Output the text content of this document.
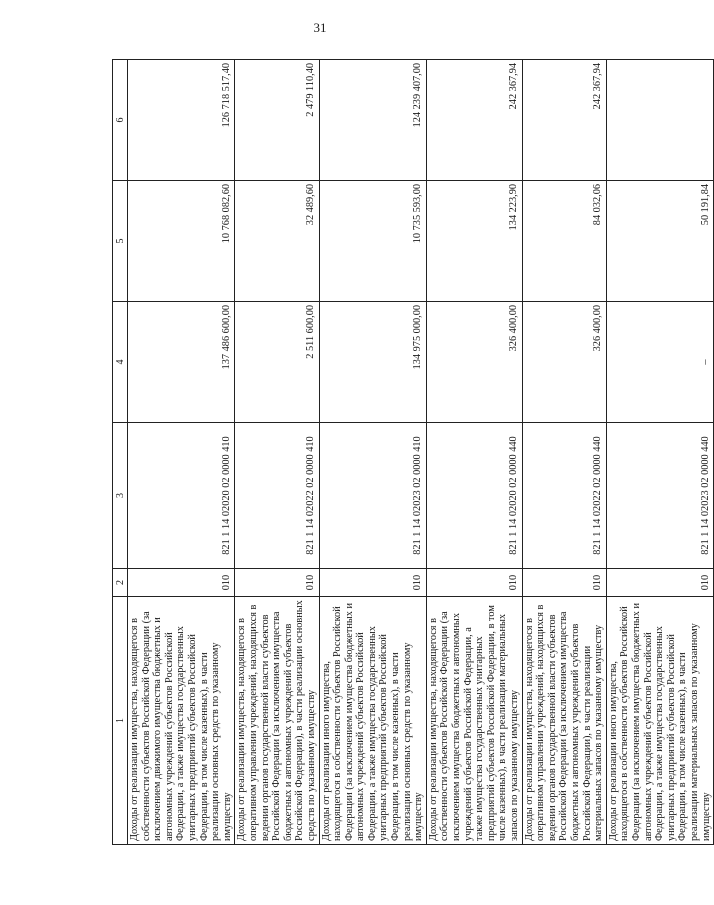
31
1	2	3	4	5	6
Доходы от реализации имущества, находящегося в собственности субъектов Российской Федерации (за исключением движимого имущества бюджетных и автономных учреждений субъектов Российской Федерации, а также имущества государственных унитарных предприятий субъектов Российской Федерации, в том числе казенных), в части реализации основных средств по указанному имуществу	010	821 1 14 02020 02 0000 410	137 486 600,00	10 768 082,60	126 718 517,40
Доходы от реализации имущества, находящегося в оперативном управлении учреждений, находящихся в ведении органов государственной власти субъектов Российской Федерации (за исключением имущества бюджетных и автономных учреждений субъектов Российской Федерации), в части реализации основных средств по указанному имуществу	010	821 1 14 02022 02 0000 410	2 511 600,00	32 489,60	2 479 110,40
Доходы от реализации иного имущества, находящегося в собственности субъектов Российской Федерации (за исключением имущества бюджетных и автономных учреждений субъектов Российской Федерации, а также имущества государственных унитарных предприятий субъектов Российской Федерации, в том числе казенных), в части реализации основных средств по указанному имуществу	010	821 1 14 02023 02 0000 410	134 975 000,00	10 735 593,00	124 239 407,00
Доходы от реализации имущества, находящегося в собственности субъектов Российской Федерации (за исключением имущества бюджетных и автономных учреждений субъектов Российской Федерации, а также имущества государственных унитарных предприятий субъектов Российской Федерации, в том числе казенных), в части реализации материальных запасов по указанному имуществу	010	821 1 14 02020 02 0000 440	326 400,00	134 223,90	242 367,94
Доходы от реализации имущества, находящегося в оперативном управлении учреждений, находящихся в ведении органов государственной власти субъектов Российской Федерации (за исключением имущества бюджетных и автономных учреждений субъектов Российской Федерации), в части реализации материальных запасов по указанному имуществу	010	821 1 14 02022 02 0000 440	326 400,00	84 032,06	242 367,94
Доходы от реализации иного имущества, находящегося в собственности субъектов Российской Федерации (за исключением имущества бюджетных и автономных учреждений субъектов Российской Федерации, а также имущества государственных унитарных предприятий субъектов Российской Федерации, в том числе казенных), в части реализации материальных запасов по указанному имуществу	010	821 1 14 02023 02 0000 440	–	50 191,84	
